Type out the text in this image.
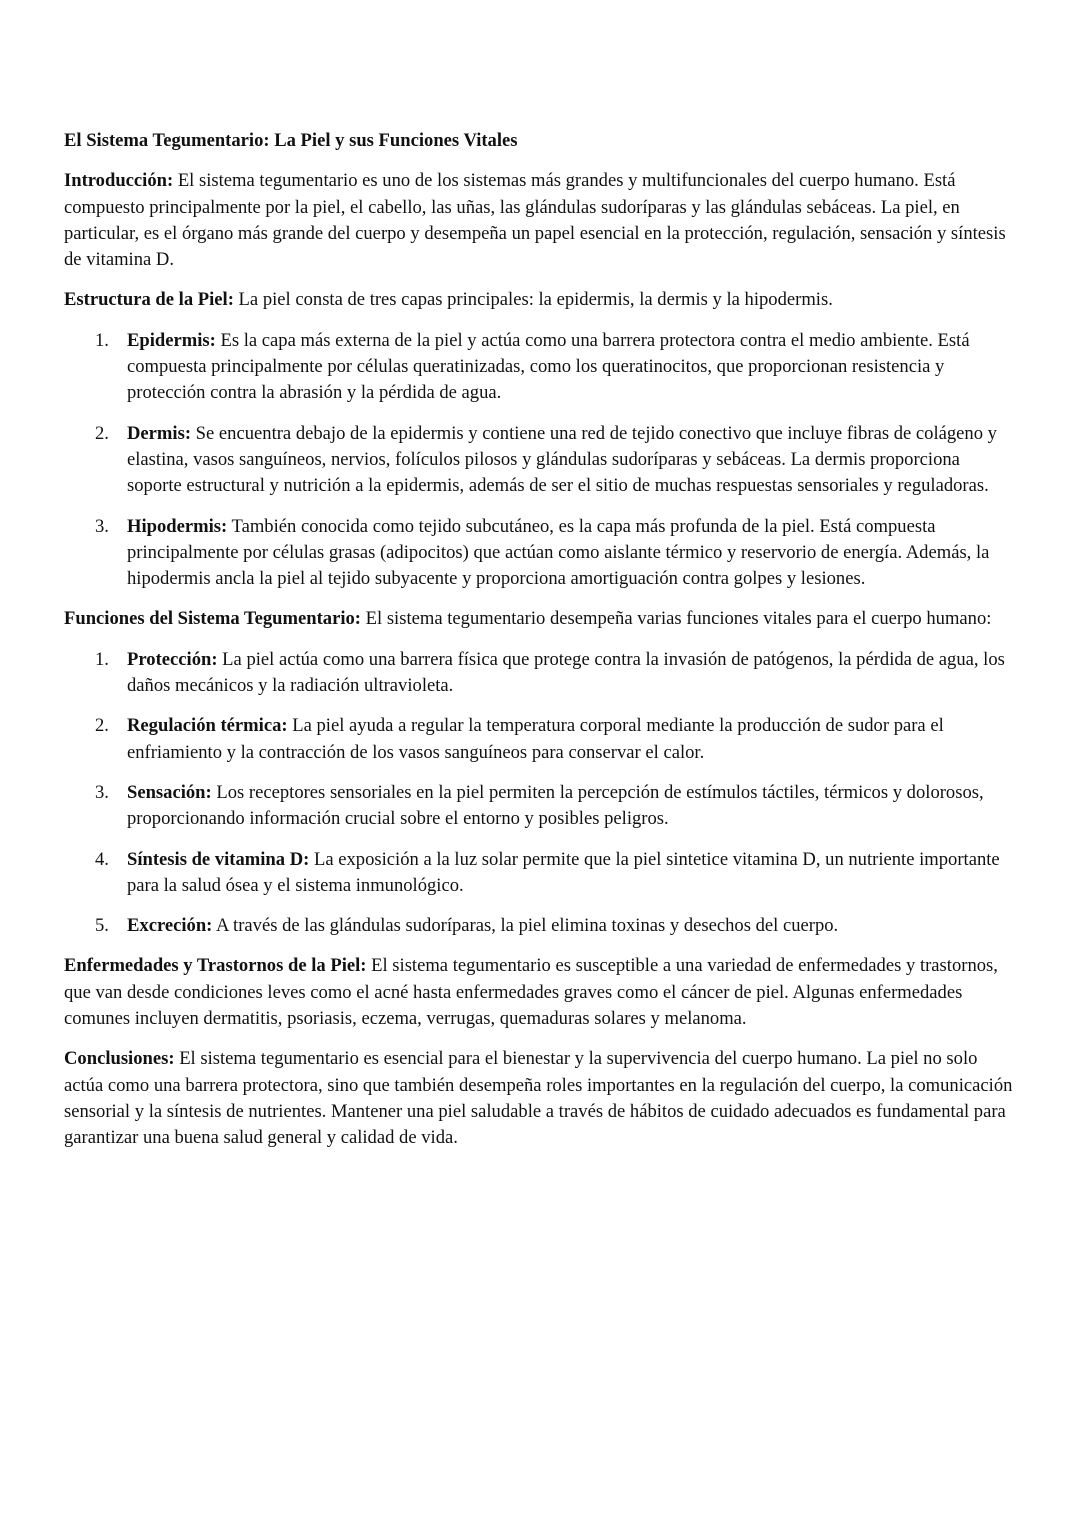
El Sistema Tegumentario: La Piel y sus Funciones Vitales

Introducción: El sistema tegumentario es uno de los sistemas más grandes y multifuncionales del cuerpo humano. Está compuesto principalmente por la piel, el cabello, las uñas, las glándulas sudoríparas y las glándulas sebáceas. La piel, en particular, es el órgano más grande del cuerpo y desempeña un papel esencial en la protección, regulación, sensación y síntesis de vitamina D.

Estructura de la Piel: La piel consta de tres capas principales: la epidermis, la dermis y la hipodermis.

1. Epidermis: Es la capa más externa de la piel y actúa como una barrera protectora contra el medio ambiente. Está compuesta principalmente por células queratinizadas, como los queratinocitos, que proporcionan resistencia y protección contra la abrasión y la pérdida de agua.
2. Dermis: Se encuentra debajo de la epidermis y contiene una red de tejido conectivo que incluye fibras de colágeno y elastina, vasos sanguíneos, nervios, folículos pilosos y glándulas sudoríparas y sebáceas. La dermis proporciona soporte estructural y nutrición a la epidermis, además de ser el sitio de muchas respuestas sensoriales y reguladoras.
3. Hipodermis: También conocida como tejido subcutáneo, es la capa más profunda de la piel. Está compuesta principalmente por células grasas (adipocitos) que actúan como aislante térmico y reservorio de energía. Además, la hipodermis ancla la piel al tejido subyacente y proporciona amortiguación contra golpes y lesiones.

Funciones del Sistema Tegumentario: El sistema tegumentario desempeña varias funciones vitales para el cuerpo humano:

1. Protección: La piel actúa como una barrera física que protege contra la invasión de patógenos, la pérdida de agua, los daños mecánicos y la radiación ultravioleta.
2. Regulación térmica: La piel ayuda a regular la temperatura corporal mediante la producción de sudor para el enfriamiento y la contracción de los vasos sanguíneos para conservar el calor.
3. Sensación: Los receptores sensoriales en la piel permiten la percepción de estímulos táctiles, térmicos y dolorosos, proporcionando información crucial sobre el entorno y posibles peligros.
4. Síntesis de vitamina D: La exposición a la luz solar permite que la piel sintetice vitamina D, un nutriente importante para la salud ósea y el sistema inmunológico.
5. Excreción: A través de las glándulas sudoríparas, la piel elimina toxinas y desechos del cuerpo.

Enfermedades y Trastornos de la Piel: El sistema tegumentario es susceptible a una variedad de enfermedades y trastornos, que van desde condiciones leves como el acné hasta enfermedades graves como el cáncer de piel. Algunas enfermedades comunes incluyen dermatitis, psoriasis, eczema, verrugas, quemaduras solares y melanoma.

Conclusiones: El sistema tegumentario es esencial para el bienestar y la supervivencia del cuerpo humano. La piel no solo actúa como una barrera protectora, sino que también desempeña roles importantes en la regulación del cuerpo, la comunicación sensorial y la síntesis de nutrientes. Mantener una piel saludable a través de hábitos de cuidado adecuados es fundamental para garantizar una buena salud general y calidad de vida.
